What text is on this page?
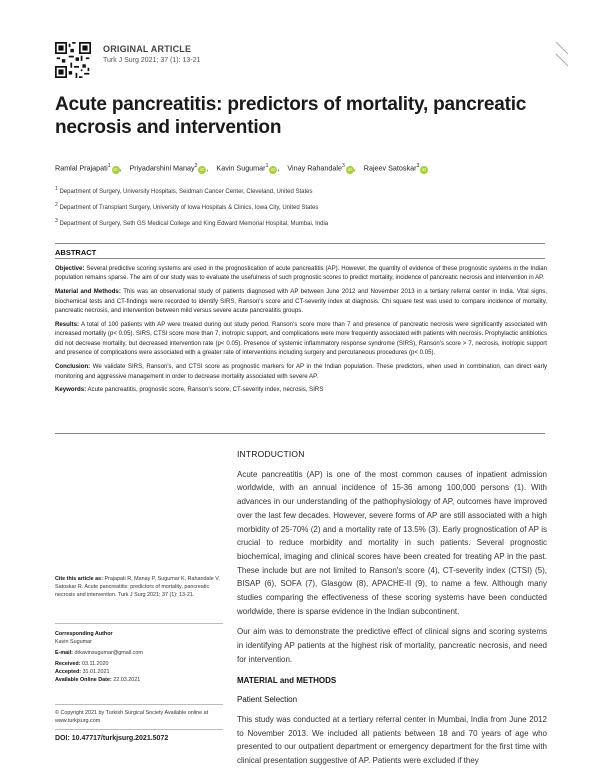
ORIGINAL ARTICLE
Turk J Surg 2021; 37 (1): 13-21
Acute pancreatitis: predictors of mortality, pancreatic necrosis and intervention
Ramlal Prajapati$^1$iD , Priyadarshini Manay$^2$iD , Kavin Sugumar$^1$iD , Vinay Rahandale$^3$iD , Rajeev Satoskar$^3$iD
$^1$ Department of Surgery, University Hospitals, Seidman Cancer Center, Cleveland, United States
$^2$ Department of Transplant Surgery, University of Iowa Hospitals & Clinics, Iowa City, United States
$^3$ Department of Surgery, Seth GS Medical College and King Edward Memorial Hospital, Mumbai, India
ABSTRACT

Objective: Several predictive scoring systems are used in the prognostication of acute pancreatitis (AP). However, the quantity of evidence of these prognostic systems in the Indian population remains sparse. The aim of our study was to evaluate the usefulness of such prognostic scores to predict mortality, incidence of pancreatic necrosis and intervention in AP.

Material and Methods: This was an observational study of patients diagnosed with AP between June 2012 and November 2013 in a tertiary referral center in India. Vital signs, biochemical tests and CT-findings were recorded to identify SIRS, Ranson's score and CT-severity index at diagnosis. Chi square test was used to compare incidence of mortality, pancreatic necrosis, and intervention between mild versus severe acute pancreatitis groups.

Results: A total of 100 patients with AP were treated during out study period. Ranson's score more than 7 and presence of pancreatic necrosis were significantly associated with increased mortality (p< 0.05). SIRS, CTSI score more than 7, inotropic support, and complications were more frequently associated with patients with necrosis. Prophylactic antibiotics did not decrease mortality, but decreased intervention rate (p< 0.05). Presence of systemic inflammatory response syndrome (SIRS), Ranson's score > 7, necrosis, inotropic support and presence of complications were associated with a greater rate of interventions including surgery and percutaneous procedures (p< 0.05).

Conclusion: We validate SIRS, Ranson's, and CTSI score as prognostic markers for AP in the Indian population. These predictors, when used in combination, can direct early monitoring and aggressive management in order to decrease mortality associated with severe AP.

Keywords: Acute pancreatitis, prognostic score, Ranson's score, CT-severity index, necrosis, SIRS

Cite this article as: Prajapati R, Manay P, Sugumar K, Rahandale V, Satoskar R. Acute pancreatitis: predictors of mortality, pancreatic necrosis and intervention. Turk J Surg 2021; 37 (1): 13-21.
Corresponding Author
Kavin Sugumar
E-mail: drkavinsugumar@gmail.com
Received: 03.11.2020
Accepted: 31.01.2021
Available Online Date: 22.03.2021
© Copyright 2021 by Turkish Surgical Society Available online at www.turkjsurg.com
DOI: 10.47717/turkjsurg.2021.5072
INTRODUCTION

Acute pancreatitis (AP) is one of the most common causes of inpatient admission worldwide, with an annual incidence of 15-36 among 100,000 persons (1). With advances in our understanding of the pathophysiology of AP, outcomes have improved over the last few decades. However, severe forms of AP are still associated with a high morbidity of 25-70% (2) and a mortality rate of 13.5% (3). Early prognostication of AP is crucial to reduce morbidity and mortality in such patients. Several prognostic biochemical, imaging and clinical scores have been created for treating AP in the past. These include but are not limited to Ranson's score (4), CT-severity index (CTSI) (5), BISAP (6), SOFA (7), Glasgow (8), APACHE-II (9), to name a few. Although many studies comparing the effectiveness of these scoring systems have been conducted worldwide, there is sparse evidence in the Indian subcontinent.

Our aim was to demonstrate the predictive effect of clinical signs and scoring systems in identifying AP patients at the highest risk of mortality, pancreatic necrosis, and need for intervention.

MATERIAL and METHODS
Patient Selection

This study was conducted at a tertiary referral center in Mumbai, India from June 2012 to November 2013. We included all patients between 18 and 70 years of age who presented to our outpatient department or emergency department for the first time with clinical presentation suggestive of AP. Patients were excluded if they
